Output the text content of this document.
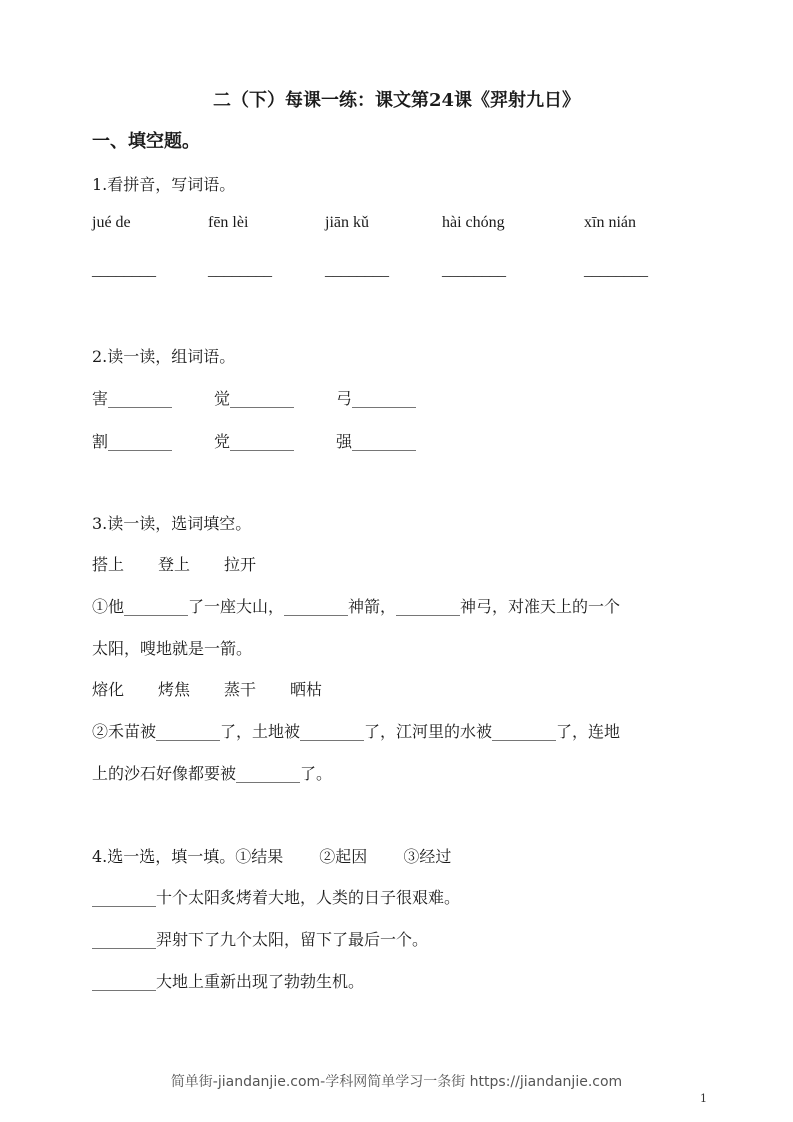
二（下）每课一练：课文第24课《羿射九日》
一、填空题。
1.看拼音，写词语。
jué de	fēn lèi	jiān kǔ	hài chóng	xīn nián
________	________	________	________	________
2.读一读，组词语。
害________	觉________	弓________
割________	党________	强________
3.读一读，选词填空。
搭上 登上 拉开
①他________了一座大山，________神箭，________神弓，对准天上的一个
太阳，嗖地就是一箭。
熔化 烤焦 蒸干 晒枯
②禾苗被________了，土地被________了，江河里的水被________了，连地
上的沙石好像都要被________了。
4.选一选，填一填。①结果 ②起因 ③经过
________十个太阳炙烤着大地，人类的日子很艰难。
________羿射下了九个太阳，留下了最后一个。
________大地上重新出现了勃勃生机。
简单街-jiandanjie.com-学科网简单学习一条街 https://jiandanjie.com
1
